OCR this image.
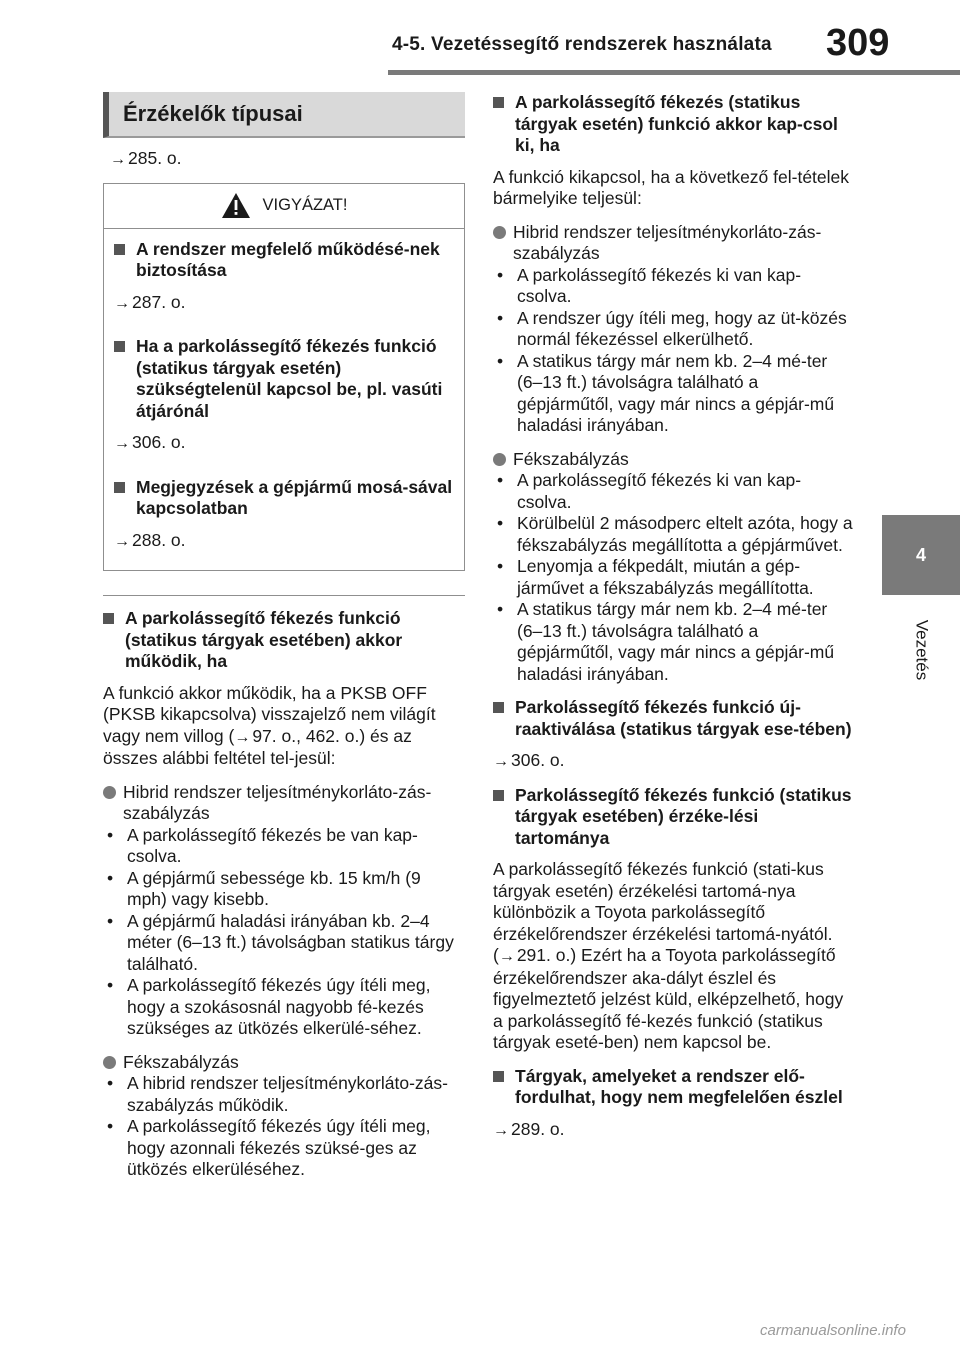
4-5. Vezetéssegítő rendszerek használata 309
4
Vezetés
Érzékelők típusai
→ 285. o.
VIGYÁZAT!
A rendszer megfelelő működésé-nek biztosítása
→ 287. o.
Ha a parkolássegítő fékezés funkció (statikus tárgyak esetén) szükségtelenül kapcsol be, pl. vasúti átjárónál
→ 306. o.
Megjegyzések a gépjármű mosá-sával kapcsolatban
→ 288. o.
A parkolássegítő fékezés funkció (statikus tárgyak esetében) akkor működik, ha
A funkció akkor működik, ha a PKSB OFF (PKSB kikapcsolva) visszajelző nem világít vagy nem villog (→ 97. o., 462. o.) és az összes alábbi feltétel tel-jesül:
Hibrid rendszer teljesítménykorláto-zás-szabályzás
• A parkolássegítő fékezés be van kap-csolva.
• A gépjármű sebessége kb. 15 km/h (9 mph) vagy kisebb.
• A gépjármű haladási irányában kb. 2–4 méter (6–13 ft.) távolságban statikus tárgy található.
• A parkolássegítő fékezés úgy ítéli meg, hogy a szokásosnál nagyobb fé-kezés szükséges az ütközés elkerülé-séhez.
Fékszabályzás
• A hibrid rendszer teljesítménykorláto-zás-szabályzás működik.
• A parkolássegítő fékezés úgy ítéli meg, hogy azonnali fékezés szüksé-ges az ütközés elkerüléséhez.
A parkolássegítő fékezés (statikus tárgyak esetén) funkció akkor kap-csol ki, ha
A funkció kikapcsol, ha a következő fel-tételek bármelyike teljesül:
Hibrid rendszer teljesítménykorláto-zás-szabályzás
• A parkolássegítő fékezés ki van kap-csolva.
• A rendszer úgy ítéli meg, hogy az üt-közés normál fékezéssel elkerülhető.
• A statikus tárgy már nem kb. 2–4 mé-ter (6–13 ft.) távolságra található a gépjárműtől, vagy már nincs a gépjár-mű haladási irányában.
Fékszabályzás
• A parkolássegítő fékezés ki van kap-csolva.
• Körülbelül 2 másodperc eltelt azóta, hogy a fékszabályzás megállította a gépjárművet.
• Lenyomja a fékpedált, miután a gép-járművet a fékszabályzás megállította.
• A statikus tárgy már nem kb. 2–4 mé-ter (6–13 ft.) távolságra található a gépjárműtől, vagy már nincs a gépjár-mű haladási irányában.
Parkolássegítő fékezés funkció új-raaktiválása (statikus tárgyak ese-tében)
→ 306. o.
Parkolássegítő fékezés funkció (statikus tárgyak esetében) érzéke-lési tartománya
A parkolássegítő fékezés funkció (stati-kus tárgyak esetén) érzékelési tartomá-nya különbözik a Toyota parkolássegítő érzékelőrendszer érzékelési tartomá-nyától. (→ 291. o.) Ezért ha a Toyota parkolássegítő érzékelőrendszer aka-dályt észlel és figyelmeztető jelzést küld, elképzelhető, hogy a parkolássegítő fé-kezés funkció (statikus tárgyak eseté-ben) nem kapcsol be.
Tárgyak, amelyeket a rendszer elő-fordulhat, hogy nem megfelelően észlel
→ 289. o.
carmanualsonline.info
